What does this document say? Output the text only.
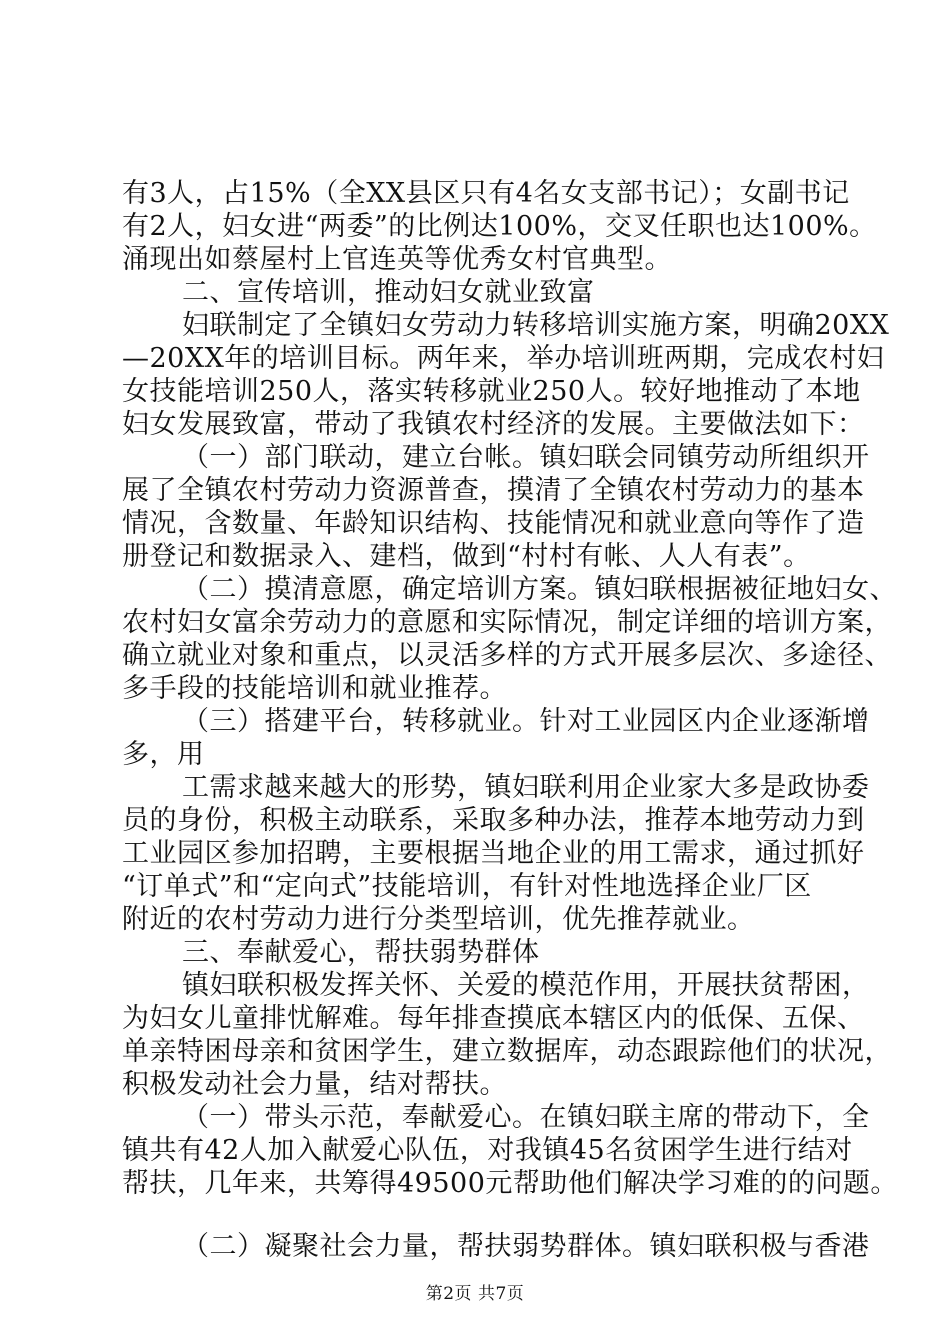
有3人，占15%（全XX县区只有4名女支部书记）；女副书记
有2人，妇女进“两委”的比例达100%，交叉任职也达100%。
涌现出如蔡屋村上官连英等优秀女村官典型。
二、宣传培训，推动妇女就业致富
妇联制定了全镇妇女劳动力转移培训实施方案，明确20XX
—20XX年的培训目标。两年来，举办培训班两期，完成农村妇
女技能培训250人，落实转移就业250人。较好地推动了本地
妇女发展致富，带动了我镇农村经济的发展。主要做法如下：
（一）部门联动，建立台帐。镇妇联会同镇劳动所组织开
展了全镇农村劳动力资源普查，摸清了全镇农村劳动力的基本
情况，含数量、年龄知识结构、技能情况和就业意向等作了造
册登记和数据录入、建档，做到“村村有帐、人人有表”。
（二）摸清意愿，确定培训方案。镇妇联根据被征地妇女、
农村妇女富余劳动力的意愿和实际情况，制定详细的培训方案，
确立就业对象和重点，以灵活多样的方式开展多层次、多途径、
多手段的技能培训和就业推荐。
（三）搭建平台，转移就业。针对工业园区内企业逐渐增
多，用
工需求越来越大的形势，镇妇联利用企业家大多是政协委
员的身份，积极主动联系，采取多种办法，推荐本地劳动力到
工业园区参加招聘，主要根据当地企业的用工需求，通过抓好
“订单式”和“定向式”技能培训，有针对性地选择企业厂区
附近的农村劳动力进行分类型培训，优先推荐就业。
三、奉献爱心，帮扶弱势群体
镇妇联积极发挥关怀、关爱的模范作用，开展扶贫帮困，
为妇女儿童排忧解难。每年排查摸底本辖区内的低保、五保、
单亲特困母亲和贫困学生，建立数据库，动态跟踪他们的状况，
积极发动社会力量，结对帮扶。
（一）带头示范，奉献爱心。在镇妇联主席的带动下，全
镇共有42人加入献爱心队伍，对我镇45名贫困学生进行结对
帮扶，几年来，共筹得49500元帮助他们解决学习难的的问题。
（二）凝聚社会力量，帮扶弱势群体。镇妇联积极与香港
第2页 共7页
